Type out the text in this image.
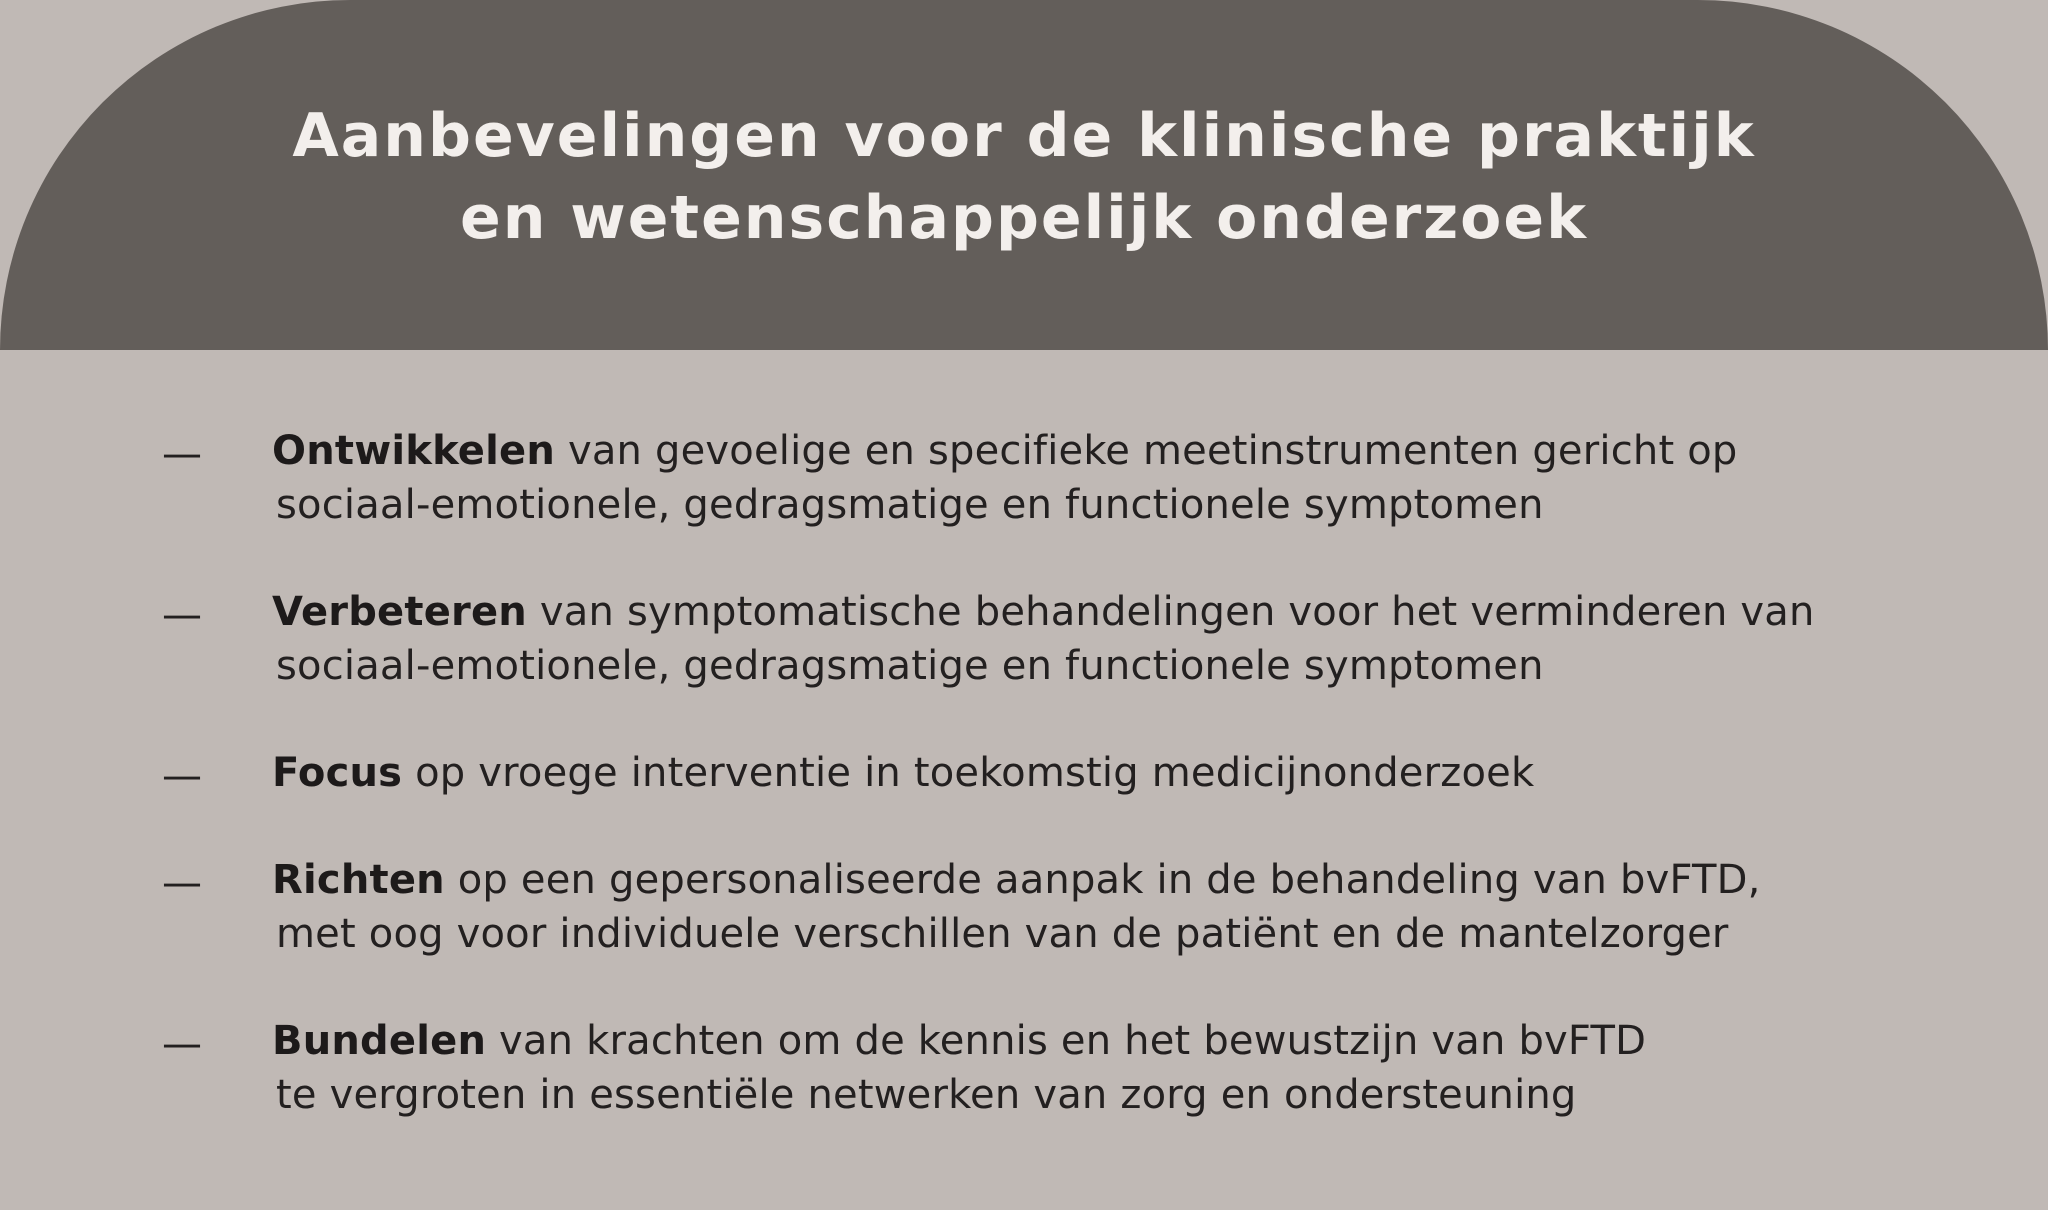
Aanbevelingen voor de klinische praktijk
en wetenschappelijk onderzoek
— Ontwikkelen van gevoelige en specifieke meetinstrumenten gericht op
sociaal-emotionele, gedragsmatige en functionele symptomen
— Verbeteren van symptomatische behandelingen voor het verminderen van
sociaal-emotionele, gedragsmatige en functionele symptomen
— Focus op vroege interventie in toekomstig medicijnonderzoek
— Richten op een gepersonaliseerde aanpak in de behandeling van bvFTD,
met oog voor individuele verschillen van de patiënt en de mantelzorger
— Bundelen van krachten om de kennis en het bewustzijn van bvFTD
te vergroten in essentiële netwerken van zorg en ondersteuning
